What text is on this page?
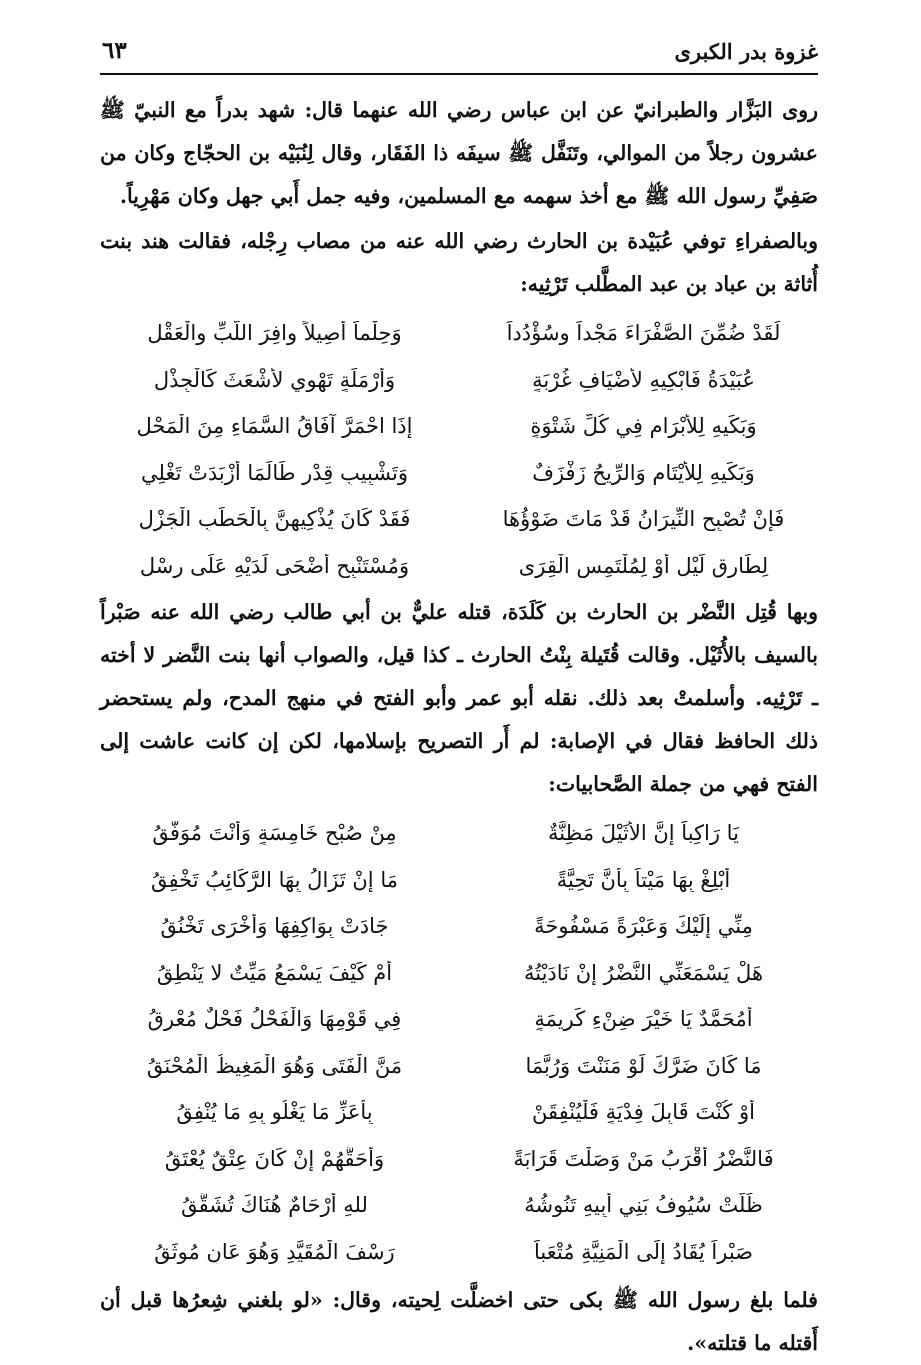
غزوة بدر الكبرى
٦٣

روى البَزَّار والطبرانيّ عن ابن عباس رضي الله عنهما قال: شهد بدراً مع النبيّ ﷺ عشرون رجلاً من الموالي، وتَنَفَّل ﷺ سيفَه ذا الفَقَار، وقال لِنُبَيْه بن الحجّاج وكان من صَفِيِّ رسول الله ﷺ مع أخذ سهمه مع المسلمين، وفيه جمل أَبي جهل وكان مَهْرِياً.

وبالصفراءِ توفي عُبَيْدة بن الحارث رضي الله عنه من مصاب رِجْله، فقالت هند بنت أُثاثة بن عباد بن عبد المطَّلب تَرْثِيه:

لَقَدْ ضُمِّنَ الصَّفْرَاءَ مَجْداً وسُؤْدُداً
وَحِلْماً أَصِيلاً وافِرَ اللُّبِّ والْعَقْلِ
عُبَيْدَةُ فَابْكِيهِ لأَضْيَافِ غُرْبَةٍ
وَأَرْمَلَةٍ تَهْوِي لأَشْعَثَ كَالْجِذْلِ
وَبَكِّيهِ لِلأَبْرَامِ فِي كُلِّ شَتْوَةٍ
إِذَا احْمَرَّ آفَاقُ السَّمَاءِ مِنَ الْمَحْلِ
وَبَكِّيهِ لِلأَيْتَامِ وَالرِّيحُ زَفْزَفٌ
وَتَشْبِيبِ قِدْرٍ طَالَمَا أَزْبَدَتْ تَغْلِي
فَإِنْ تُصْبِحِ النِّيرَانُ قَدْ مَاتَ ضَوْؤُهَا
فَقَدْ كَانَ يُذْكِيهِنَّ بِالْحَطَبِ الْجَزْلِ
لِطَارِقِ لَيْلٍ أَوْ لِمُلْتَمِسِ الْقِرَى
وَمُسْتَنْبِحٍ أَضْحَى لَدَيْهِ عَلَى رِسْلِ

وبها قُتِل النَّضْر بن الحارث بن كَلَدَة، قتله عليٌّ بن أبي طالب رضي الله عنه صَبْراً بالسيف بالأُثَيْل. وقالت قُتَيلة بِنْتُ الحارث ـ كذا قيل، والصواب أنها بنت النَّضر لا أخته ـ تَرْثِيه. وأسلمتْ بعد ذلك. نقله أبو عمر وأبو الفتح في منهج المدح، ولم يستحضر ذلك الحافظ فقال في الإصابة: لم أَر التصريح بإسلامها، لكن إن كانت عاشت إلى الفتح فهي من جملة الصَّحابيات:

يَا رَاكِباً إِنَّ الأُثَيْلَ مَظِنَّةٌ
مِنْ صُبْحِ خَامِسَةٍ وَأَنْتَ مُوَفَّقُ
أَبْلِغْ بِهَا مَيْتاً بِأَنَّ تَحِيَّةً
مَا إِنْ تَزَالُ بِهَا الرَّكَائِبُ تَخْفِقُ
مِنِّي إِلَيْكَ وَعَبْرَةً مَسْفُوحَةً
جَادَتْ بِوَاكِفِهَا وَأُخْرَى تَخْنُقُ
هَلْ يَسْمَعَنِّي النَّضْرُ إِنْ نَادَيْتُهُ
أَمْ كَيْفَ يَسْمَعُ مَيِّتٌ لا يَنْطِقُ
أَمُحَمَّدٌ يَا خَيْرَ ضِنْءِ كَرِيمَةٍ
فِي قَوْمِهَا وَالْفَحْلُ فَحْلٌ مُعْرِقُ
مَا كَانَ ضَرَّكَ لَوْ مَنَنْتَ وَرُبَّمَا
مَنَّ الْفَتَى وَهُوَ الْمَغِيظُ الْمُحْنَقُ
أَوْ كُنْتَ قَابِلَ فِدْيَةٍ فَلْيُنْفِقَنْ
بِأَعَزِّ مَا يَغْلُو بِهِ مَا يُنْفِقُ
فَالنَّضْرُ أَقْرَبُ مَنْ وَصَلْتَ قَرَابَةً
وَأَحَقُّهُمْ إِنْ كَانَ عِتْقٌ يُعْتَقُ
ظَلَّتْ سُيُوفُ بَنِي أَبِيهِ تَنُوشُهُ
للهِ أَرْحَامٌ هُنَاكَ تُشَقَّقُ
صَبْراً يُقَادُ إِلَى الْمَنِيَّةِ مُتْعَباً
رَسْفَ الْمُقَيَّدِ وَهُوَ عَانٍ مُوثَقُ

فلما بلغ رسول الله ﷺ بكى حتى اخضلَّت لِحيته، وقال: «لو بلغني شِعرُها قبل أن أَقتله ما قتلته».
